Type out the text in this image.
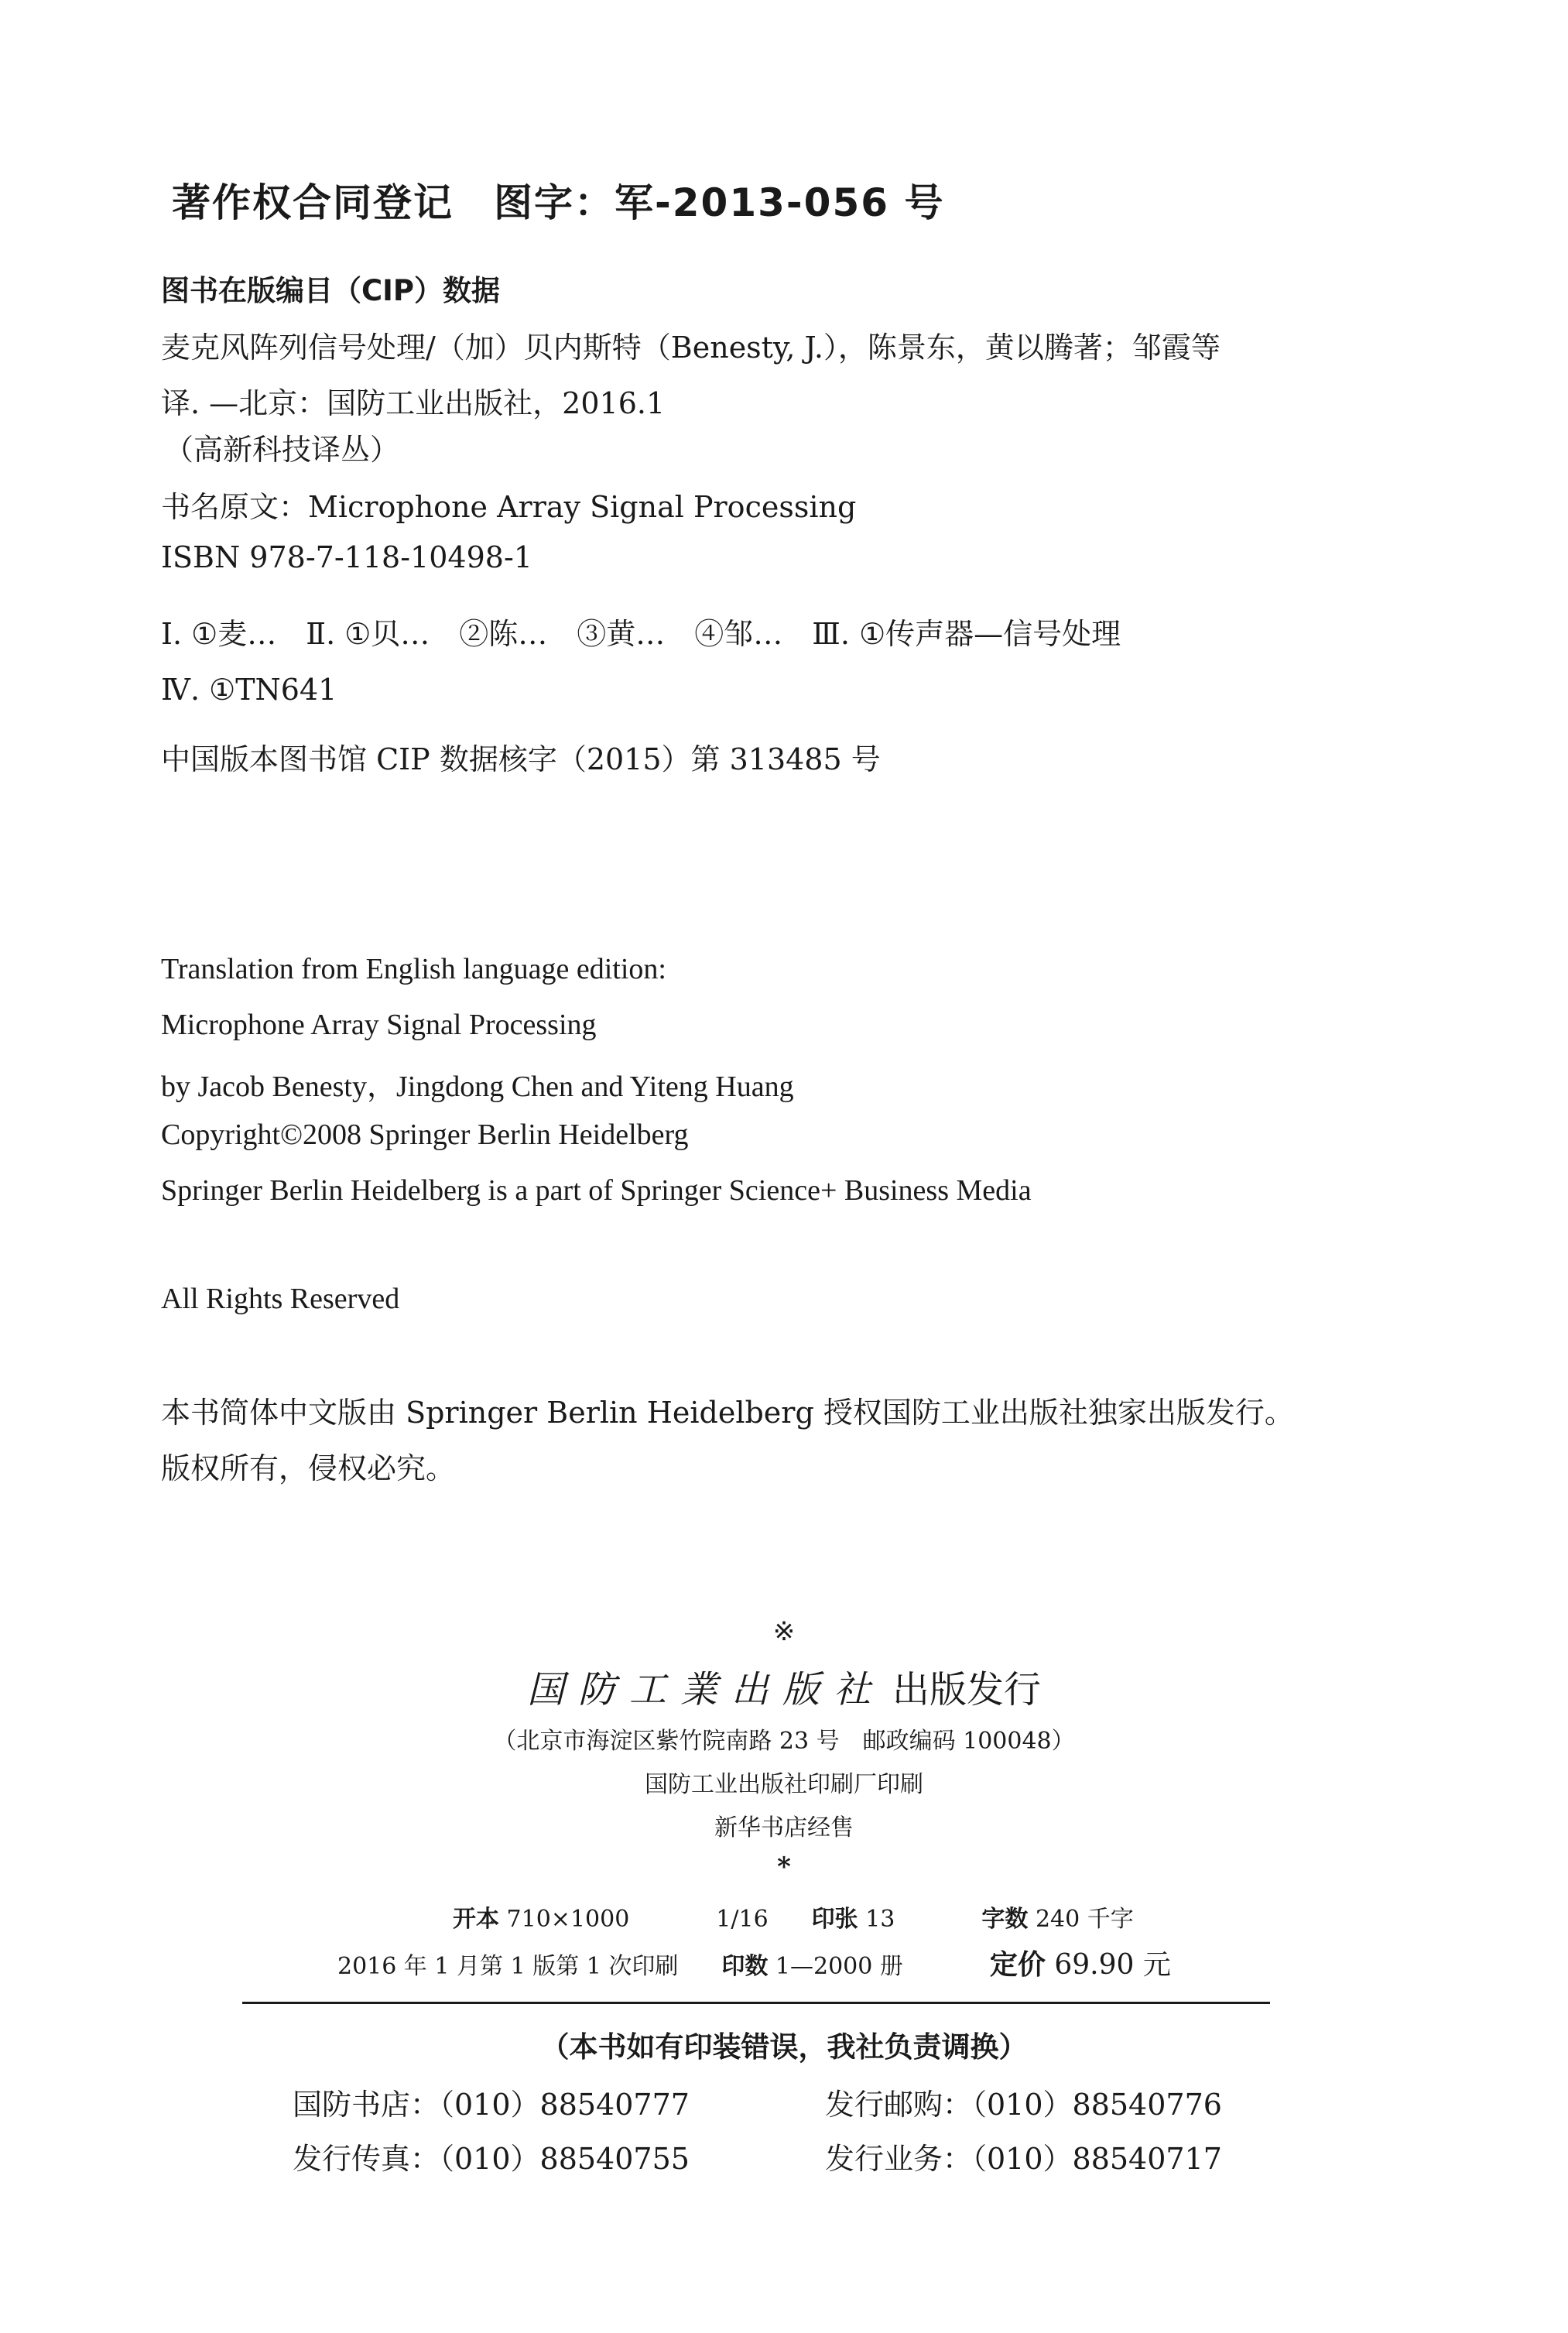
著作权合同登记　图字：军-2013-056 号
图书在版编目（CIP）数据
麦克风阵列信号处理/（加）贝内斯特（Benesty, J.），陈景东，黄以腾著；邹霞等
译. —北京：国防工业出版社，2016.1
（高新科技译丛）
书名原文：Microphone Array Signal Processing
ISBN 978-7-118-10498-1
Ⅰ. ①麦…　Ⅱ. ①贝…　②陈…　③黄…　④邹…　Ⅲ. ①传声器—信号处理
Ⅳ. ①TN641
中国版本图书馆 CIP 数据核字（2015）第 313485 号
Translation from English language edition:
Microphone Array Signal Processing
by Jacob Benesty，Jingdong Chen and Yiteng Huang
Copyright©2008 Springer Berlin Heidelberg
Springer Berlin Heidelberg is a part of Springer Science+ Business Media
All Rights Reserved
本书简体中文版由 Springer Berlin Heidelberg 授权国防工业出版社独家出版发行。
版权所有，侵权必究。
※
国防工業出版社 出版发行
（北京市海淀区紫竹院南路 23 号　邮政编码 100048）
国防工业出版社印刷厂印刷
新华书店经售
*
开本 710×1000	1/16 印张 13	字数 240 千字
2016 年 1 月第 1 版第 1 次印刷 印数 1—2000 册	定价 69.90 元
（本书如有印装错误，我社负责调换）
国防书店：（010）88540777	发行邮购：（010）88540776
发行传真：（010）88540755	发行业务：（010）88540717
